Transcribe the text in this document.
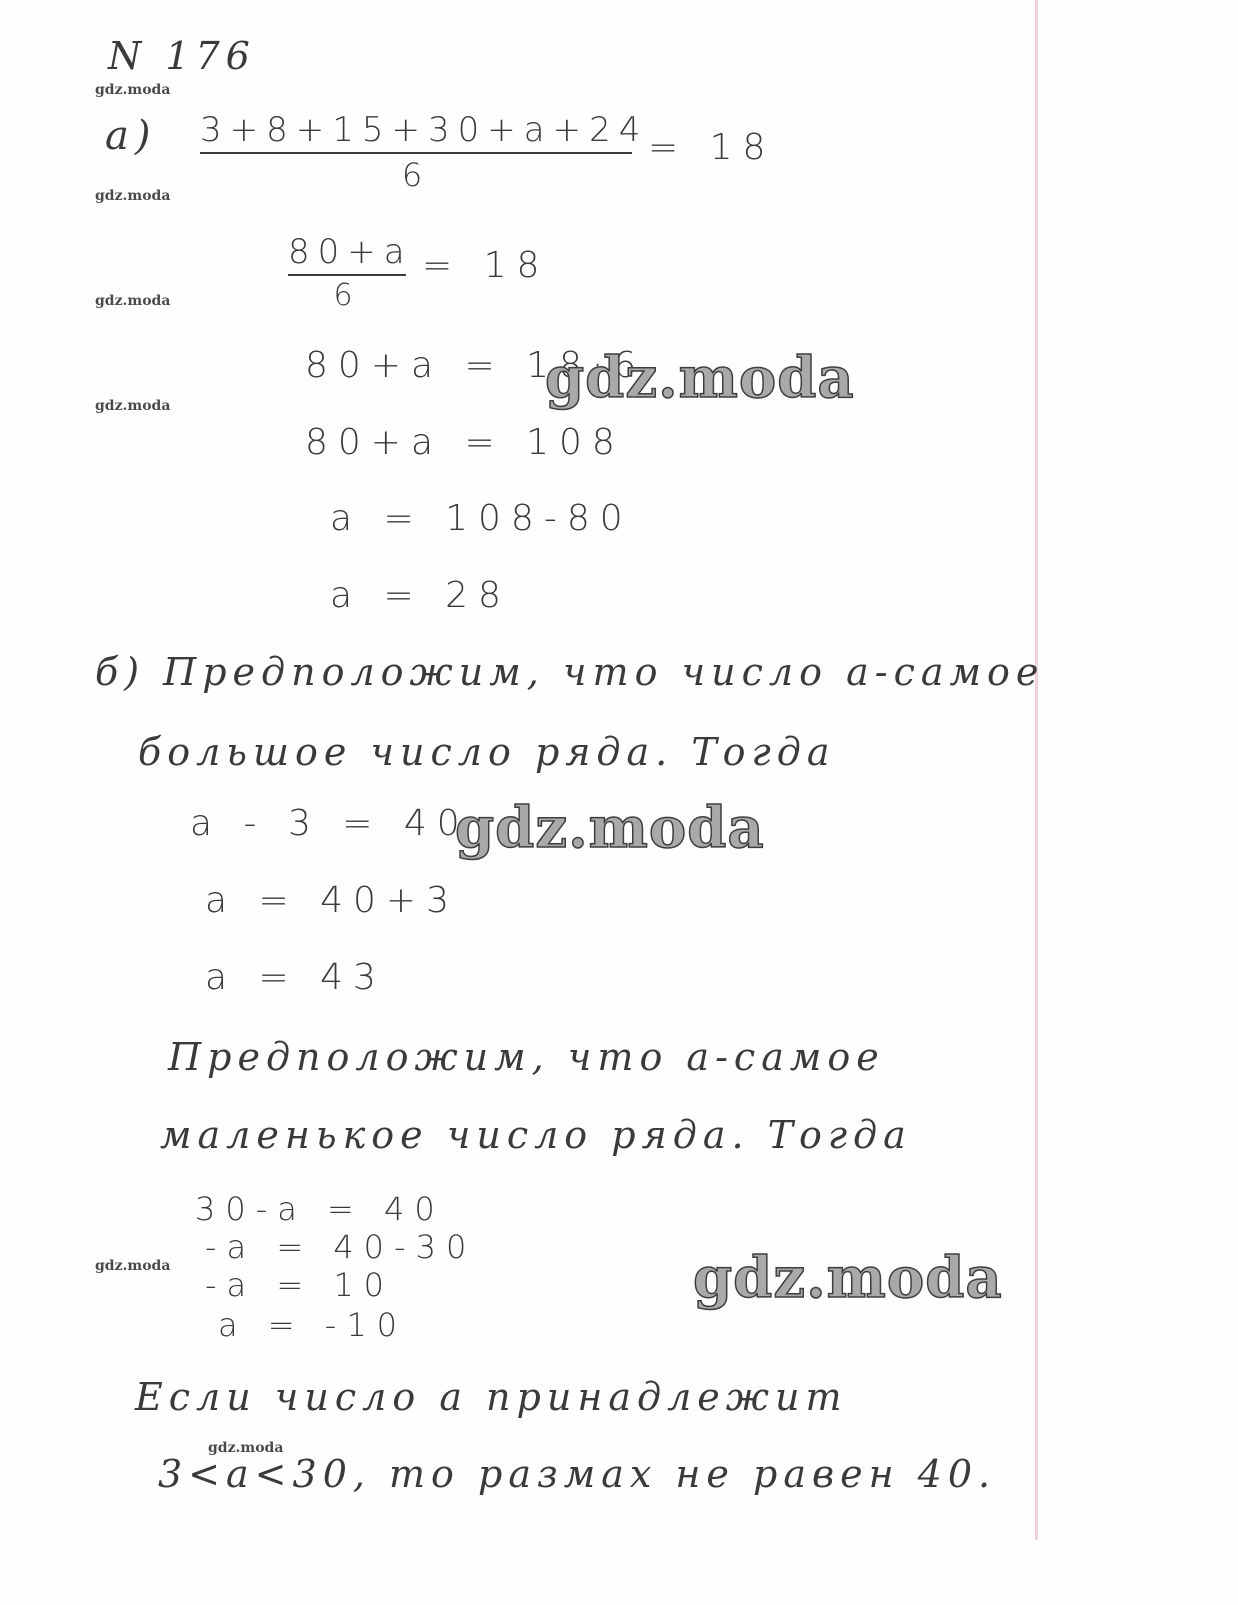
N 176
а) 3+8+15+30+a+24
6
= 18
80+a
6
= 18
80+a = 18·6
80+a = 108
a = 108-80
a = 28
б) Предположим, что число а-самое
большое число ряда. Тогда
a - 3 = 40
a = 40+3
a = 43
Предположим, что а-самое
маленькое число ряда. Тогда
30-a = 40
-a = 40-30
-a = 10
a = -10
Если число а принадлежит
3<a<30, то размах не равен 40.
gdz.moda
gdz.moda
gdz.moda
gdz.moda
gdz.moda
gdz.moda
gdz.moda
gdz.moda
gdz.moda
